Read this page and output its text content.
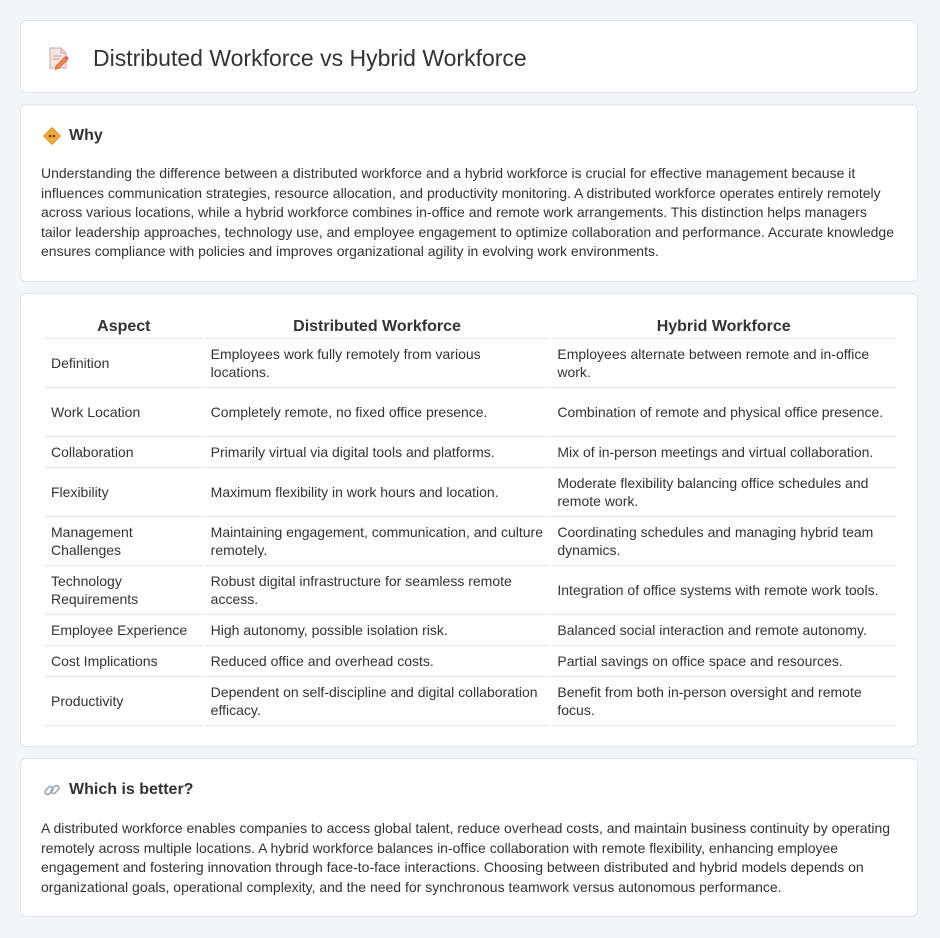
Distributed Workforce vs Hybrid Workforce
Why

Understanding the difference between a distributed workforce and a hybrid workforce is crucial for effective management because it influences communication strategies, resource allocation, and productivity monitoring. A distributed workforce operates entirely remotely across various locations, while a hybrid workforce combines in-office and remote work arrangements. This distinction helps managers tailor leadership approaches, technology use, and employee engagement to optimize collaboration and performance. Accurate knowledge ensures compliance with policies and improves organizational agility in evolving work environments.

Aspect	Distributed Workforce	Hybrid Workforce
Definition	Employees work fully remotely from various locations.	Employees alternate between remote and in-office work.
Work Location	Completely remote, no fixed office presence.	Combination of remote and physical office presence.
Collaboration	Primarily virtual via digital tools and platforms.	Mix of in-person meetings and virtual collaboration.
Flexibility	Maximum flexibility in work hours and location.	Moderate flexibility balancing office schedules and remote work.
Management Challenges	Maintaining engagement, communication, and culture remotely.	Coordinating schedules and managing hybrid team dynamics.
Technology Requirements	Robust digital infrastructure for seamless remote access.	Integration of office systems with remote work tools.
Employee Experience	High autonomy, possible isolation risk.	Balanced social interaction and remote autonomy.
Cost Implications	Reduced office and overhead costs.	Partial savings on office space and resources.
Productivity	Dependent on self-discipline and digital collaboration efficacy.	Benefit from both in-person oversight and remote focus.
Which is better?

A distributed workforce enables companies to access global talent, reduce overhead costs, and maintain business continuity by operating remotely across multiple locations. A hybrid workforce balances in-office collaboration with remote flexibility, enhancing employee engagement and fostering innovation through face-to-face interactions. Choosing between distributed and hybrid models depends on organizational goals, operational complexity, and the need for synchronous teamwork versus autonomous performance.
